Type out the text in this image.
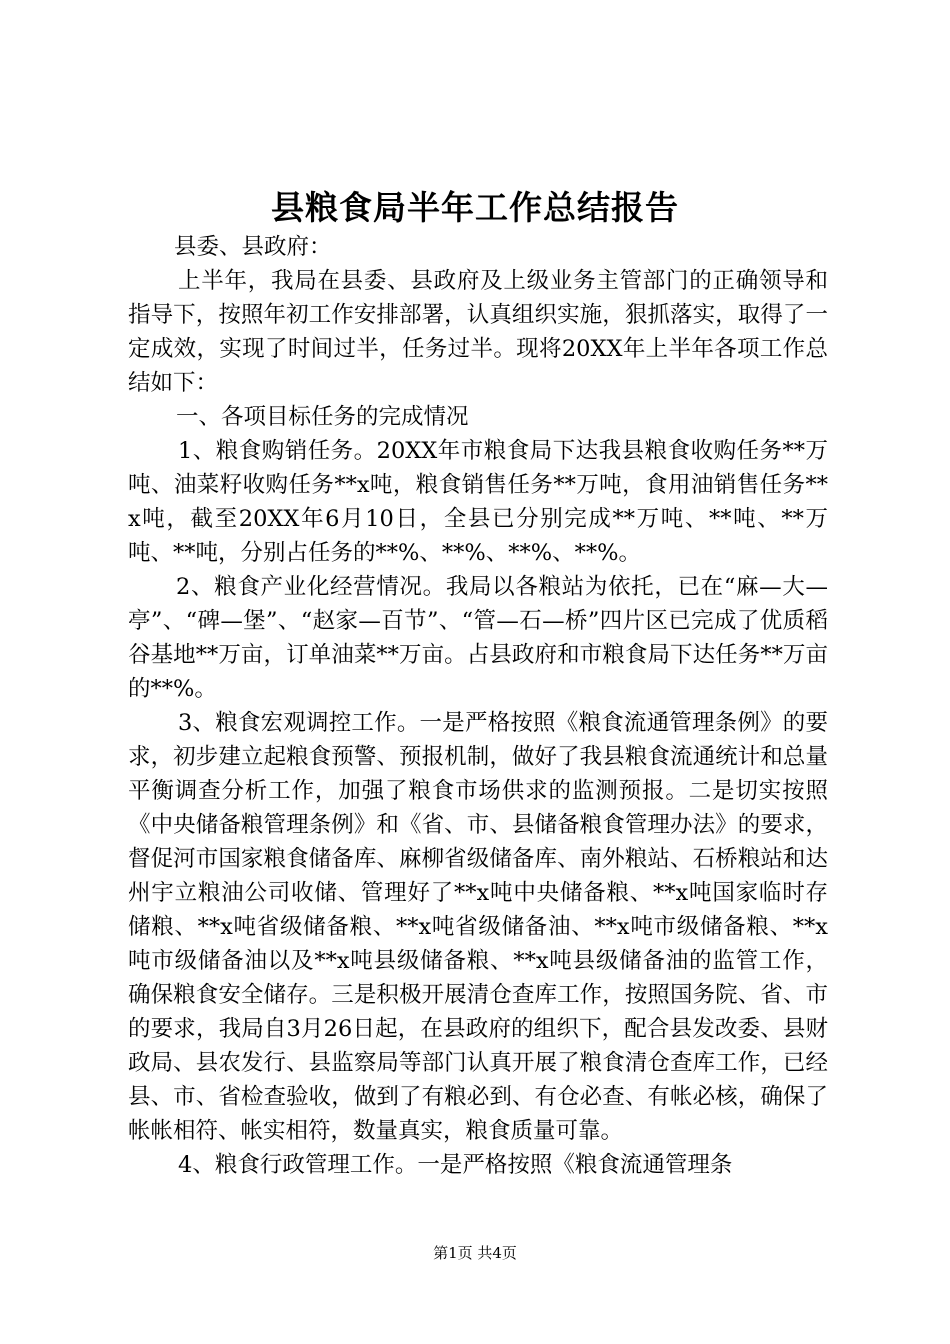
县粮食局半年工作总结报告

县委、县政府：

上半年，我局在县委、县政府及上级业务主管部门的正确领导和指导下，按照年初工作安排部署，认真组织实施，狠抓落实，取得了一定成效，实现了时间过半，任务过半。现将20XX年上半年各项工作总结如下：

一、各项目标任务的完成情况

1、粮食购销任务。20XX年市粮食局下达我县粮食收购任务**万吨、油菜籽收购任务**x吨，粮食销售任务**万吨，食用油销售任务**x吨，截至20XX年6月10日，全县已分别完成**万吨、**吨、**万吨、**吨，分别占任务的**%、**%、**%、**%。

2、粮食产业化经营情况。我局以各粮站为依托，已在“麻—大—亭”、“碑—堡”、“赵家—百节”、“管—石—桥”四片区已完成了优质稻谷基地**万亩，订单油菜**万亩。占县政府和市粮食局下达任务**万亩的**%。

3、粮食宏观调控工作。一是严格按照《粮食流通管理条例》的要求，初步建立起粮食预警、预报机制，做好了我县粮食流通统计和总量平衡调查分析工作，加强了粮食市场供求的监测预报。二是切实按照《中央储备粮管理条例》和《省、市、县储备粮食管理办法》的要求，督促河市国家粮食储备库、麻柳省级储备库、南外粮站、石桥粮站和达州宇立粮油公司收储、管理好了**x吨中央储备粮、**x吨国家临时存储粮、**x吨省级储备粮、**x吨省级储备油、**x吨市级储备粮、**x吨市级储备油以及**x吨县级储备粮、**x吨县级储备油的监管工作，确保粮食安全储存。三是积极开展清仓查库工作，按照国务院、省、市的要求，我局自3月26日起，在县政府的组织下，配合县发改委、县财政局、县农发行、县监察局等部门认真开展了粮食清仓查库工作，已经县、市、省检查验收，做到了有粮必到、有仓必查、有帐必核，确保了帐帐相符、帐实相符，数量真实，粮食质量可靠。

4、粮食行政管理工作。一是严格按照《粮食流通管理条

第1页 共4页
